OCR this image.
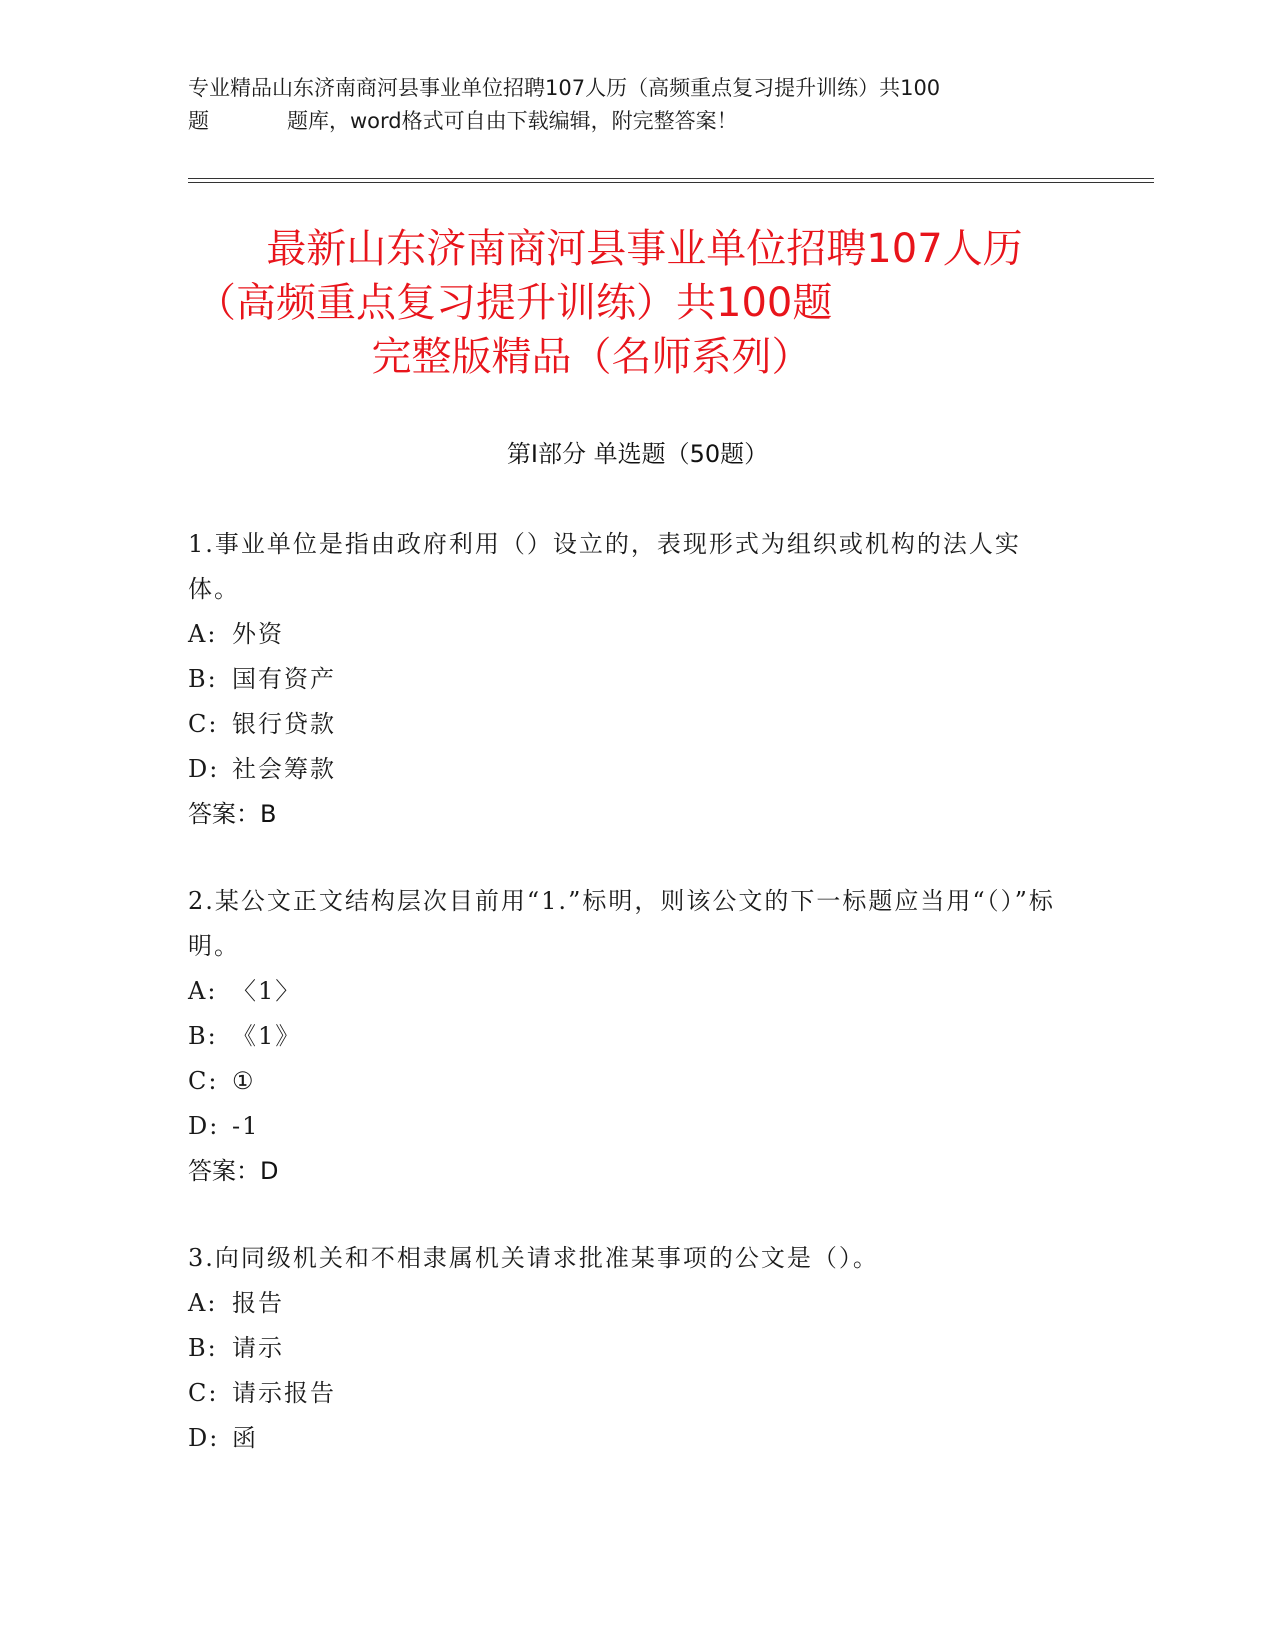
专业精品山东济南商河县事业单位招聘107人历（高频重点复习提升训练）共100
题	题库，word格式可自由下载编辑，附完整答案！
最新山东济南商河县事业单位招聘107人历
（高频重点复习提升训练）共100题
完整版精品（名师系列）
第Ⅰ部分 单选题（50题）
1.事业单位是指由政府利用（）设立的，表现形式为组织或机构的法人实体。
A: 外资
B: 国有资产
C: 银行贷款
D: 社会筹款
答案：B
2.某公文正文结构层次目前用“1.”标明，则该公文的下一标题应当用“（）”标明。
A: 〈1〉
B: 《1》
C: ①
D: -1
答案：D
3.向同级机关和不相隶属机关请求批准某事项的公文是（）。
A: 报告
B: 请示
C: 请示报告
D: 函
